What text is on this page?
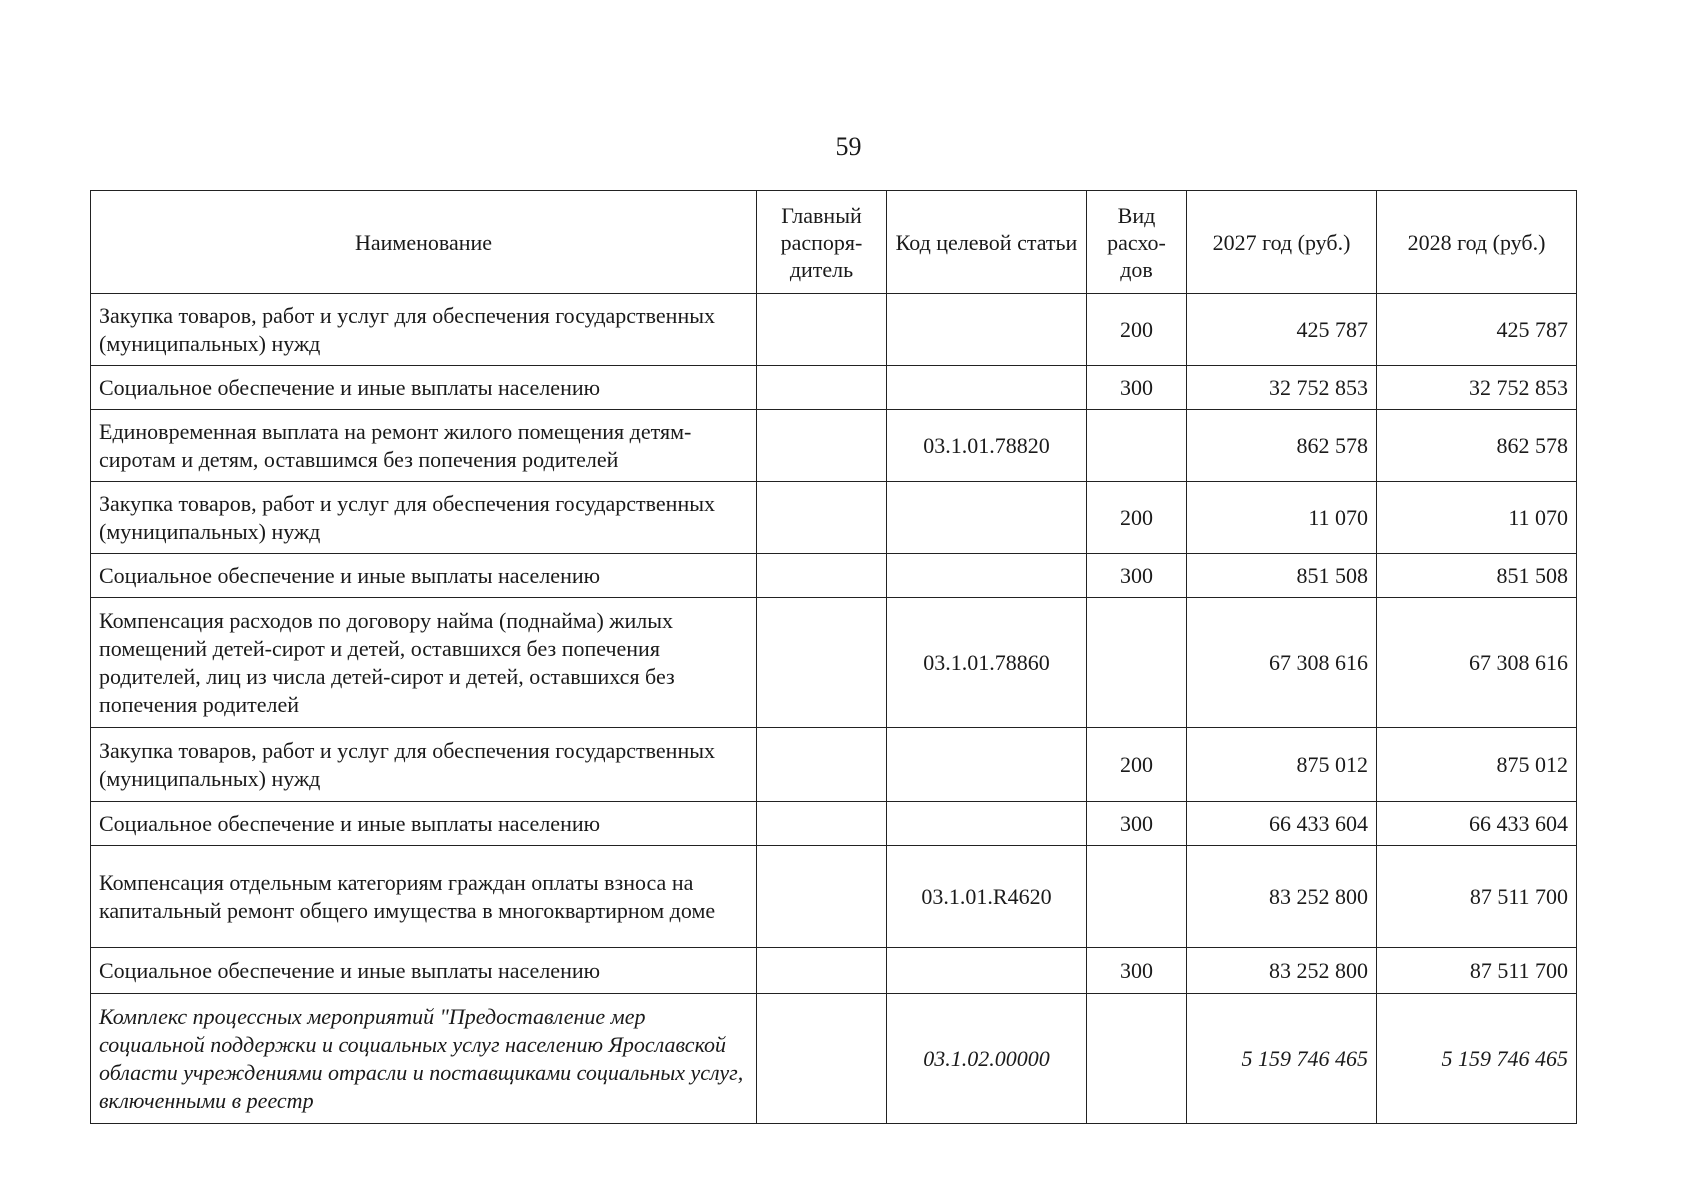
59
Наименование	Главный распоря-дитель	Код целевой статьи	Вид расхо-дов	2027 год (руб.)	2028 год (руб.)
Закупка товаров, работ и услуг для обеспечения государственных (муниципальных) нужд			200	425 787	425 787
Социальное обеспечение и иные выплаты населению			300	32 752 853	32 752 853
Единовременная выплата на ремонт жилого помещения детям-сиротам и детям, оставшимся без попечения родителей		03.1.01.78820		862 578	862 578
Закупка товаров, работ и услуг для обеспечения государственных (муниципальных) нужд			200	11 070	11 070
Социальное обеспечение и иные выплаты населению			300	851 508	851 508
Компенсация расходов по договору найма (поднайма) жилых помещений детей-сирот и детей, оставшихся без попечения родителей, лиц из числа детей-сирот и детей, оставшихся без попечения родителей		03.1.01.78860		67 308 616	67 308 616
Закупка товаров, работ и услуг для обеспечения государственных (муниципальных) нужд			200	875 012	875 012
Социальное обеспечение и иные выплаты населению			300	66 433 604	66 433 604
Компенсация отдельным категориям граждан оплаты взноса на капитальный ремонт общего имущества в многоквартирном доме		03.1.01.R4620		83 252 800	87 511 700
Социальное обеспечение и иные выплаты населению			300	83 252 800	87 511 700
Комплекс процессных мероприятий "Предоставление мер социальной поддержки и социальных услуг населению Ярославской области учреждениями отрасли и поставщиками социальных услуг, включенными в реестр		03.1.02.00000		5 159 746 465	5 159 746 465
